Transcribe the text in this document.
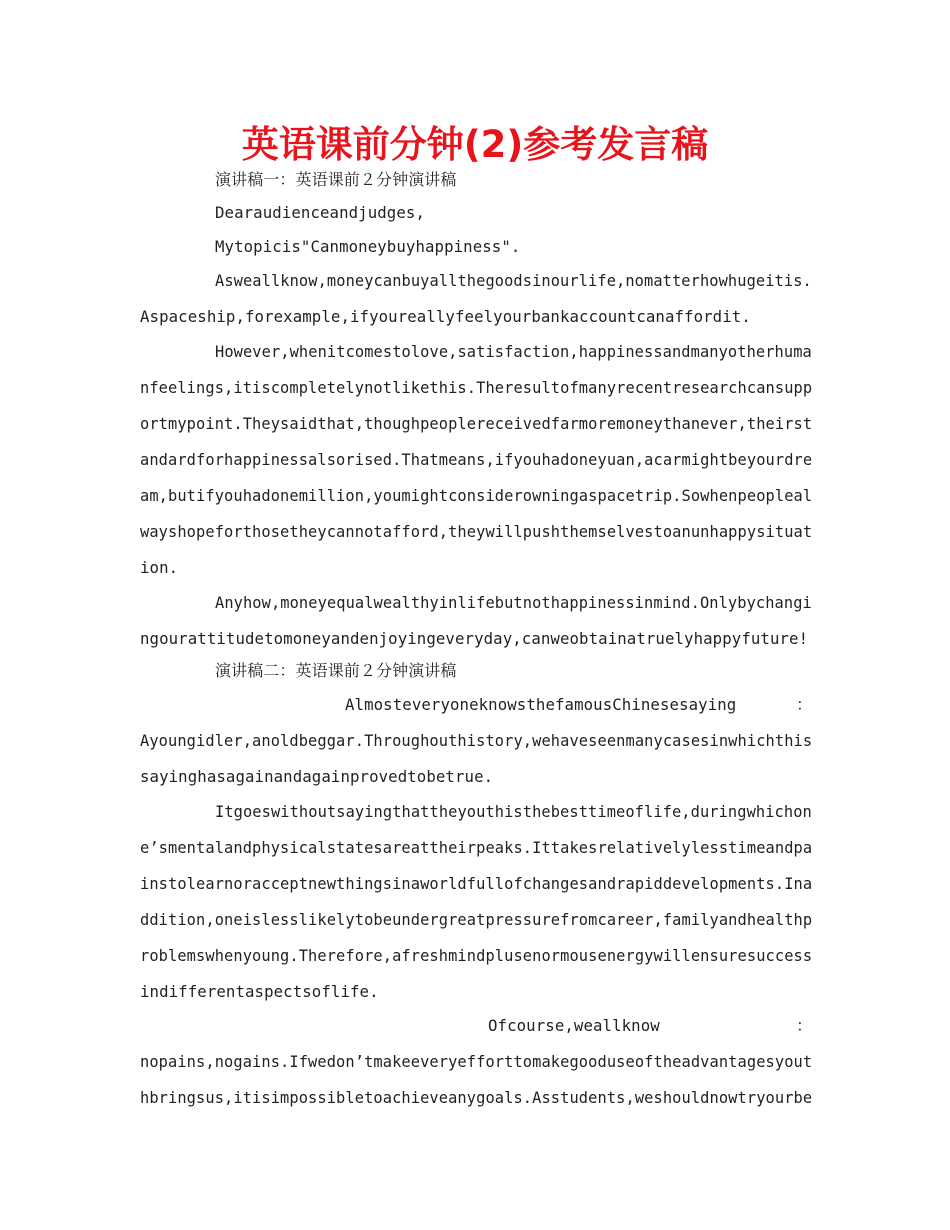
英语课前分钟(2)参考发言稿

演讲稿一：英语课前２分钟演讲稿

Dearaudienceandjudges,

Mytopicis"Canmoneybuyhappiness".

Asweallknow,moneycanbuyallthegoodsinourlife,nomatterhowhugeitis.

Aspaceship,forexample,ifyoureallyfeelyourbankaccountcanaffordit.

However,whenitcomestolove,satisfaction,happinessandmanyotherhuma

nfeelings,itiscompletelynotlikethis.Theresultofmanyrecentresearchcansupp

ortmypoint.Theysaidthat,thoughpeoplereceivedfarmoremoneythanever,theirst

andardforhappinessalsorised.Thatmeans,ifyouhadoneyuan,acarmightbeyourdre

am,butifyouhadonemillion,youmightconsiderowningaspacetrip.Sowhenpeopleal

wayshopeforthosetheycannotafford,theywillpushthemselvestoanunhappysituat

ion.

Anyhow,moneyequalwealthyinlifebutnothappinessinmind.Onlybychangi

ngourattitudetomoneyandenjoyingeveryday,canweobtainatruelyhappyfuture!

演讲稿二：英语课前２分钟演讲稿

AlmosteveryoneknowsthefamousChinesesaying	：

Ayoungidler,anoldbeggar.Throughouthistory,wehaveseenmanycasesinwhichthis

sayinghasagainandagainprovedtobetrue.

Itgoeswithoutsayingthattheyouthisthebesttimeoflife,duringwhichon

e’smentalandphysicalstatesareattheirpeaks.Ittakesrelativelylesstimeandpa

instolearnoracceptnewthingsinaworldfullofchangesandrapiddevelopments.Ina

ddition,oneislesslikelytobeundergreatpressurefromcareer,familyandhealthp

roblemswhenyoung.Therefore,afreshmindplusenormousenergywillensuresuccess

indifferentaspectsoflife.

Ofcourse,weallknow	：

nopains,nogains.Ifwedon’tmakeeveryefforttomakegooduseoftheadvantagesyout

hbringsus,itisimpossibletoachieveanygoals.Asstudents,weshouldnowtryourbe
